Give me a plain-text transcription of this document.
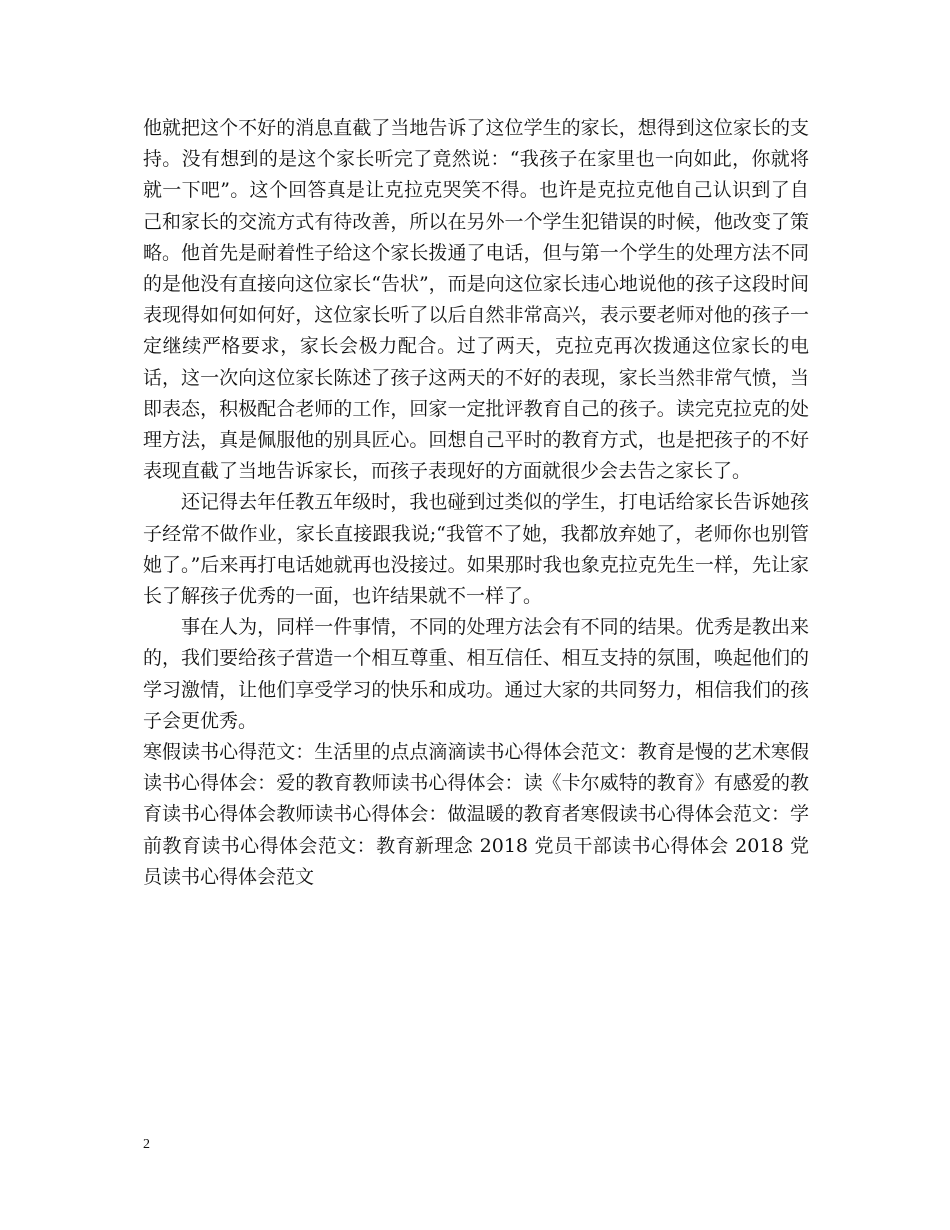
他就把这个不好的消息直截了当地告诉了这位学生的家长，想得到这位家长的支持。没有想到的是这个家长听完了竟然说：“我孩子在家里也一向如此，你就将就一下吧”。这个回答真是让克拉克哭笑不得。也许是克拉克他自己认识到了自己和家长的交流方式有待改善，所以在另外一个学生犯错误的时候，他改变了策略。他首先是耐着性子给这个家长拨通了电话，但与第一个学生的处理方法不同的是他没有直接向这位家长“告状”，而是向这位家长违心地说他的孩子这段时间表现得如何如何好，这位家长听了以后自然非常高兴，表示要老师对他的孩子一定继续严格要求，家长会极力配合。过了两天，克拉克再次拨通这位家长的电话，这一次向这位家长陈述了孩子这两天的不好的表现，家长当然非常气愤，当即表态，积极配合老师的工作，回家一定批评教育自己的孩子。读完克拉克的处理方法，真是佩服他的别具匠心。回想自己平时的教育方式，也是把孩子的不好表现直截了当地告诉家长，而孩子表现好的方面就很少会去告之家长了。

还记得去年任教五年级时，我也碰到过类似的学生，打电话给家长告诉她孩子经常不做作业，家长直接跟我说;“我管不了她，我都放弃她了，老师你也别管她了。”后来再打电话她就再也没接过。如果那时我也象克拉克先生一样，先让家长了解孩子优秀的一面，也许结果就不一样了。

事在人为，同样一件事情，不同的处理方法会有不同的结果。优秀是教出来的，我们要给孩子营造一个相互尊重、相互信任、相互支持的氛围，唤起他们的学习激情，让他们享受学习的快乐和成功。通过大家的共同努力，相信我们的孩子会更优秀。

寒假读书心得范文：生活里的点点滴滴读书心得体会范文：教育是慢的艺术寒假读书心得体会：爱的教育教师读书心得体会：读《卡尔威特的教育》有感爱的教育读书心得体会教师读书心得体会：做温暖的教育者寒假读书心得体会范文：学前教育读书心得体会范文：教育新理念 2018 党员干部读书心得体会 2018 党员读书心得体会范文

2
